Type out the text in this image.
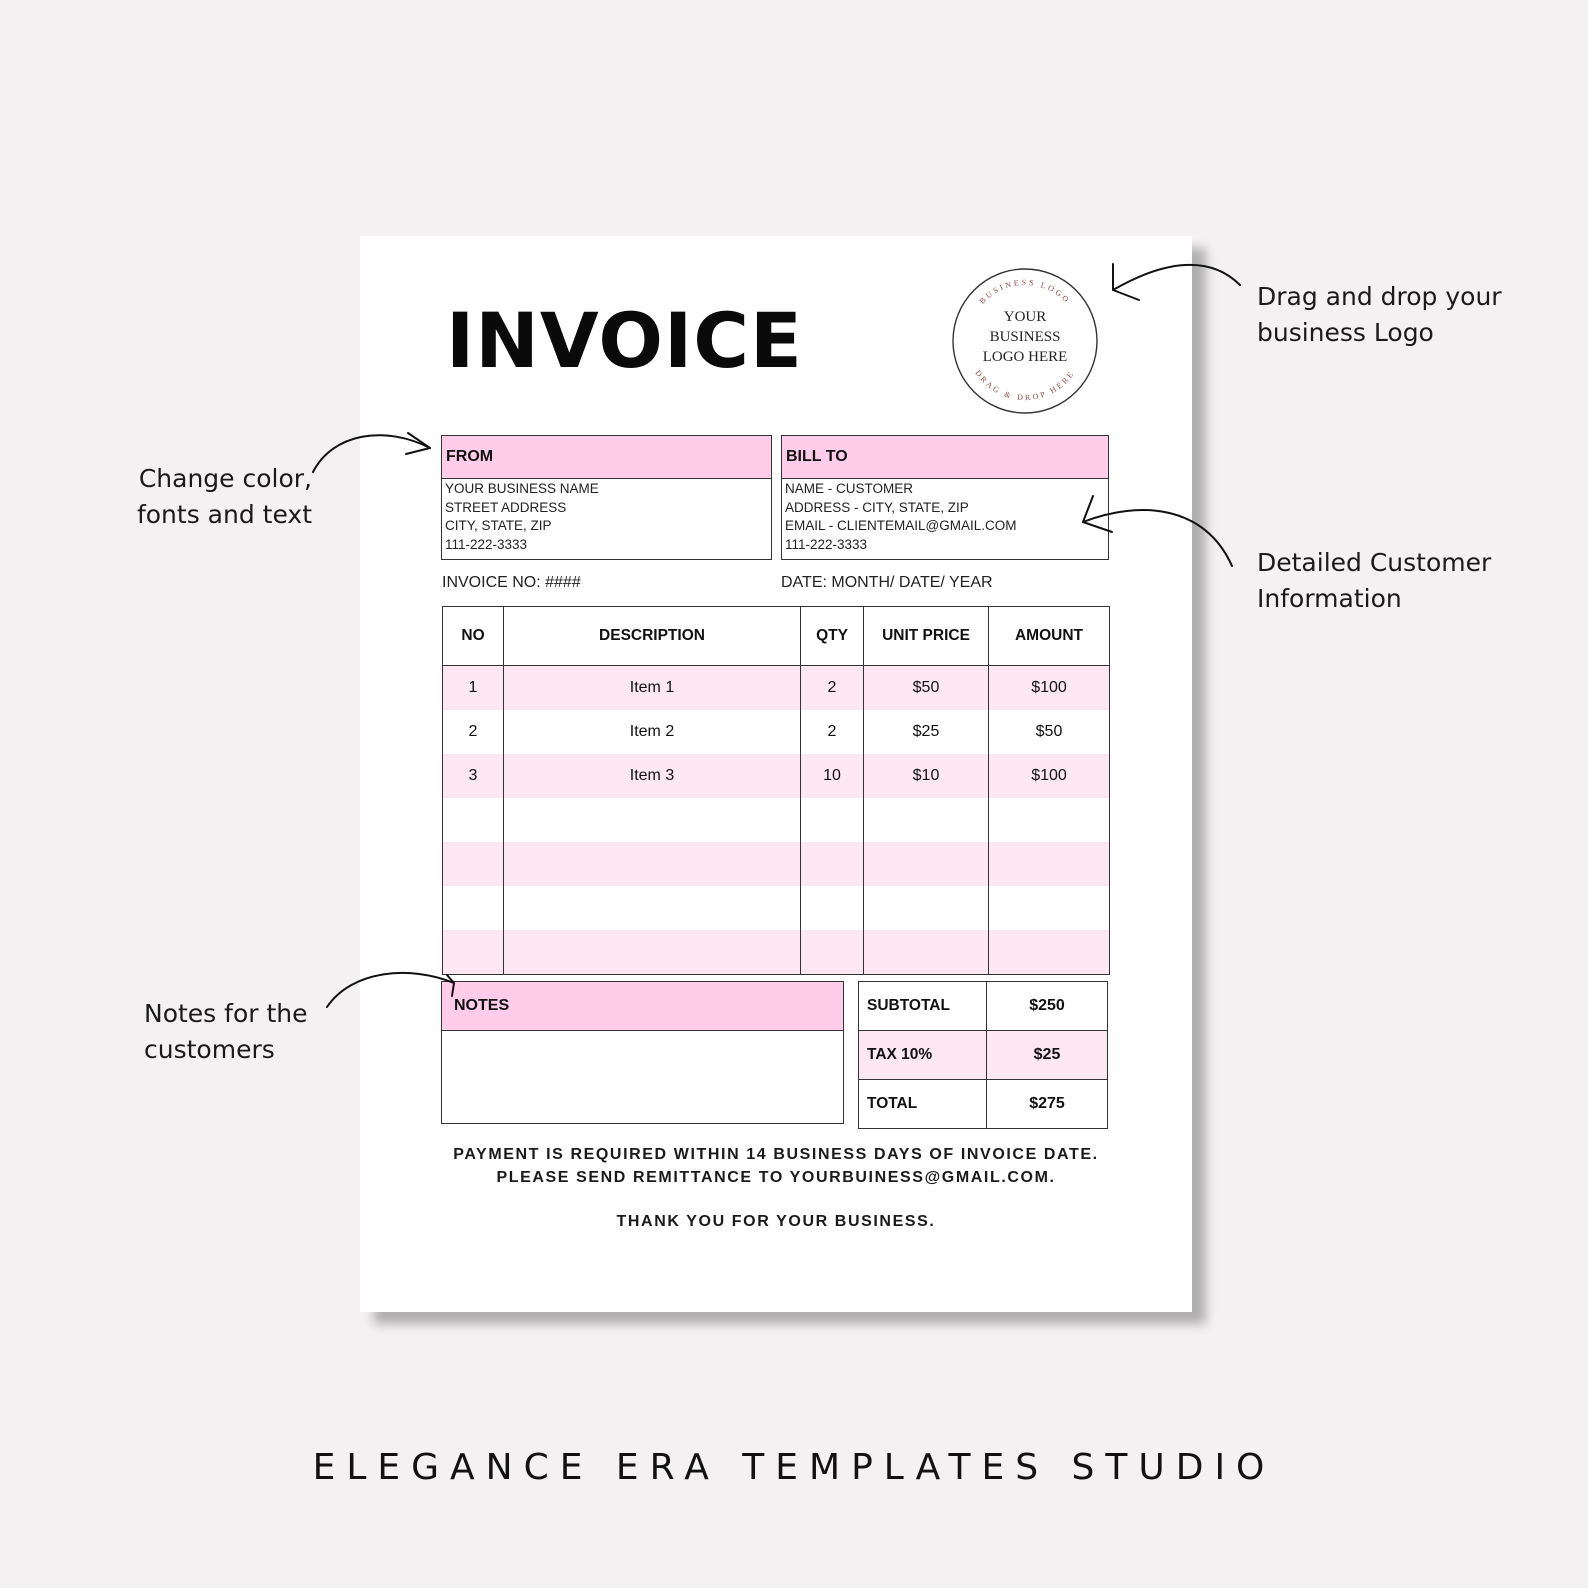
INVOICE	BUSINESS LOGO
DRAG & DROP HERE
YOUR
BUSINESS
LOGO HERE
FROM
YOUR BUSINESS NAME
STREET ADDRESS
CITY, STATE, ZIP
111-222-3333
BILL TO
NAME - CUSTOMER
ADDRESS - CITY, STATE, ZIP
EMAIL - CLIENTEMAIL@GMAIL.COM
111-222-3333
INVOICE NO: ####	DATE: MONTH/ DATE/ YEAR
NO	DESCRIPTION	QTY	UNIT PRICE	AMOUNT
1	Item 1	2	$50	$100
2	Item 2	2	$25	$50
3	Item 3	10	$10	$100

NOTES	SUBTOTAL	$250
TAX 10%	$25
TOTAL	$275
PAYMENT IS REQUIRED WITHIN 14 BUSINESS DAYS OF INVOICE DATE.
PLEASE SEND REMITTANCE TO YOURBUINESS@GMAIL.COM.
THANK YOU FOR YOUR BUSINESS.
Drag and drop your
business Logo
Change color,
fonts and text
Detailed Customer
Information
Notes for the
customers
ELEGANCE ERA TEMPLATES STUDIO
